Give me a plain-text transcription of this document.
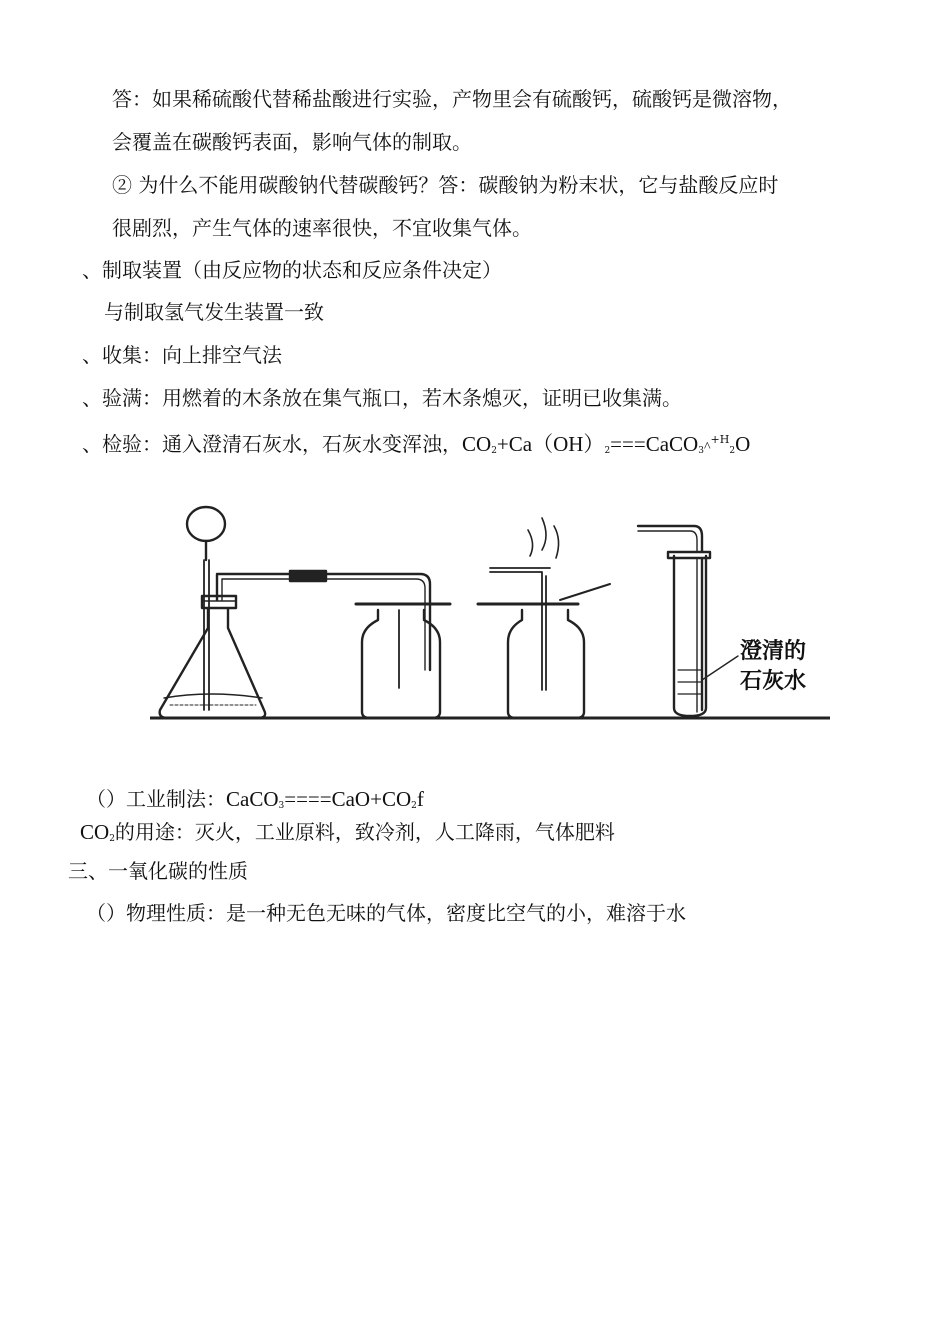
答：如果稀硫酸代替稀盐酸进行实验，产物里会有硫酸钙，硫酸钙是微溶物，
会覆盖在碳酸钙表面，影响气体的制取。
② 为什么不能用碳酸钠代替碳酸钙？答：碳酸钠为粉末状，它与盐酸反应时
很剧烈，产生气体的速率很快，不宜收集气体。
、制取装置（由反应物的状态和反应条件决定）
与制取氢气发生装置一致
、收集：向上排空气法
、验满：用燃着的木条放在集气瓶口，若木条熄灭，证明已收集满。
、检验：通入澄清石灰水，石灰水变浑浊，$CO_2+Ca(OH)_2===CaCO_3\^{}^{+H}_2O$
澄清的
石灰水
（）工业制法：$CaCO_3====CaO+CO_2f$
$CO_2$的用途：灭火，工业原料，致冷剂，人工降雨，气体肥料
三、一氧化碳的性质
（）物理性质：是一种无色无味的气体，密度比空气的小，难溶于水
